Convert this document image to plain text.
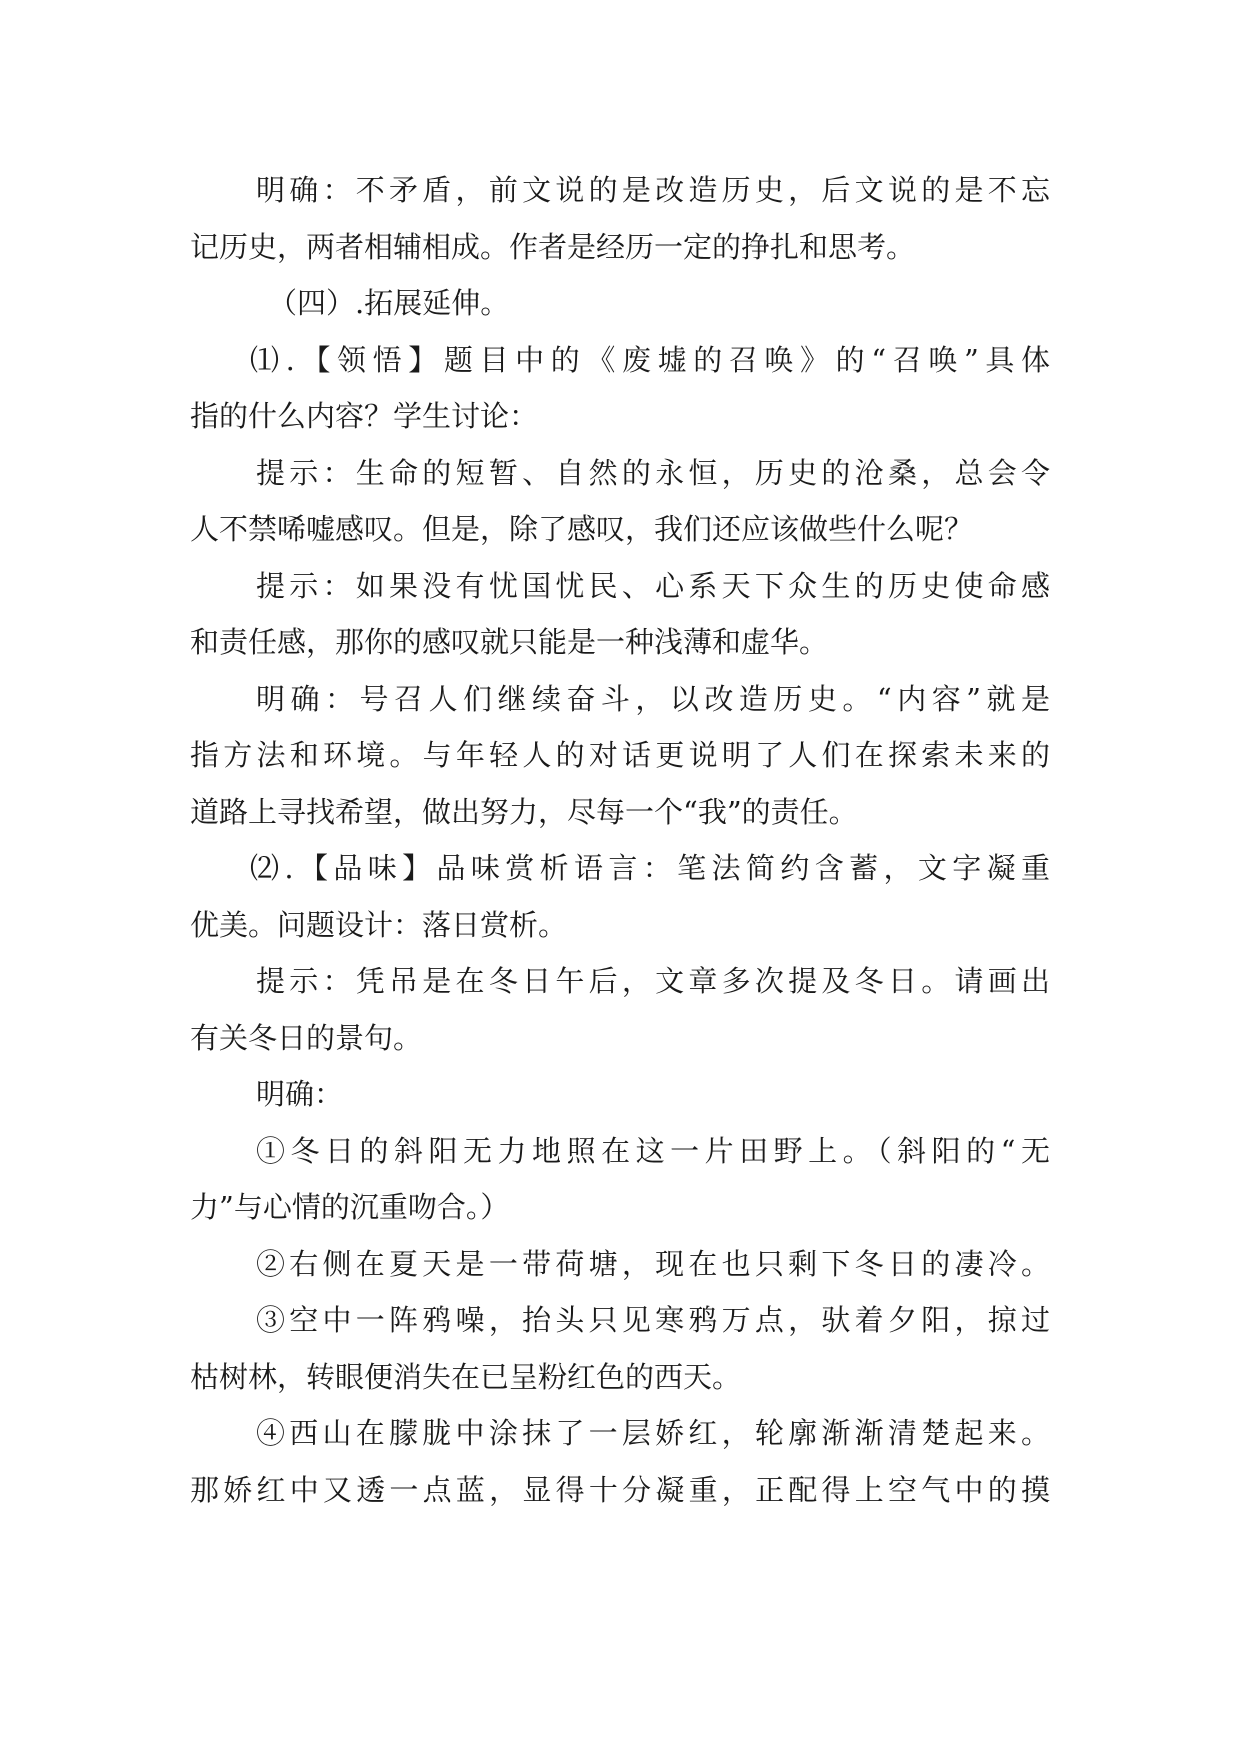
明确：不矛盾，前文说的是改造历史，后文说的是不忘
记历史，两者相辅相成。作者是经历一定的挣扎和思考。
（四）.拓展延伸。
⑴.【领悟】题目中的《废墟的召唤》的“召唤”具体
指的什么内容？学生讨论：
提示：生命的短暂、自然的永恒，历史的沧桑，总会令
人不禁唏嘘感叹。但是，除了感叹，我们还应该做些什么呢？
提示：如果没有忧国忧民、心系天下众生的历史使命感
和责任感，那你的感叹就只能是一种浅薄和虚华。
明确：号召人们继续奋斗，以改造历史。“内容”就是
指方法和环境。与年轻人的对话更说明了人们在探索未来的
道路上寻找希望，做出努力，尽每一个“我”的责任。
⑵.【品味】品味赏析语言：笔法简约含蓄，文字凝重
优美。问题设计：落日赏析。
提示：凭吊是在冬日午后，文章多次提及冬日。请画出
有关冬日的景句。
明确：
①冬日的斜阳无力地照在这一片田野上。（斜阳的“无
力”与心情的沉重吻合。）
②右侧在夏天是一带荷塘，现在也只剩下冬日的凄冷。
③空中一阵鸦噪，抬头只见寒鸦万点，驮着夕阳，掠过
枯树林，转眼便消失在已呈粉红色的西天。
④西山在朦胧中涂抹了一层娇红，轮廓渐渐清楚起来。
那娇红中又透一点蓝，显得十分凝重，正配得上空气中的摸
